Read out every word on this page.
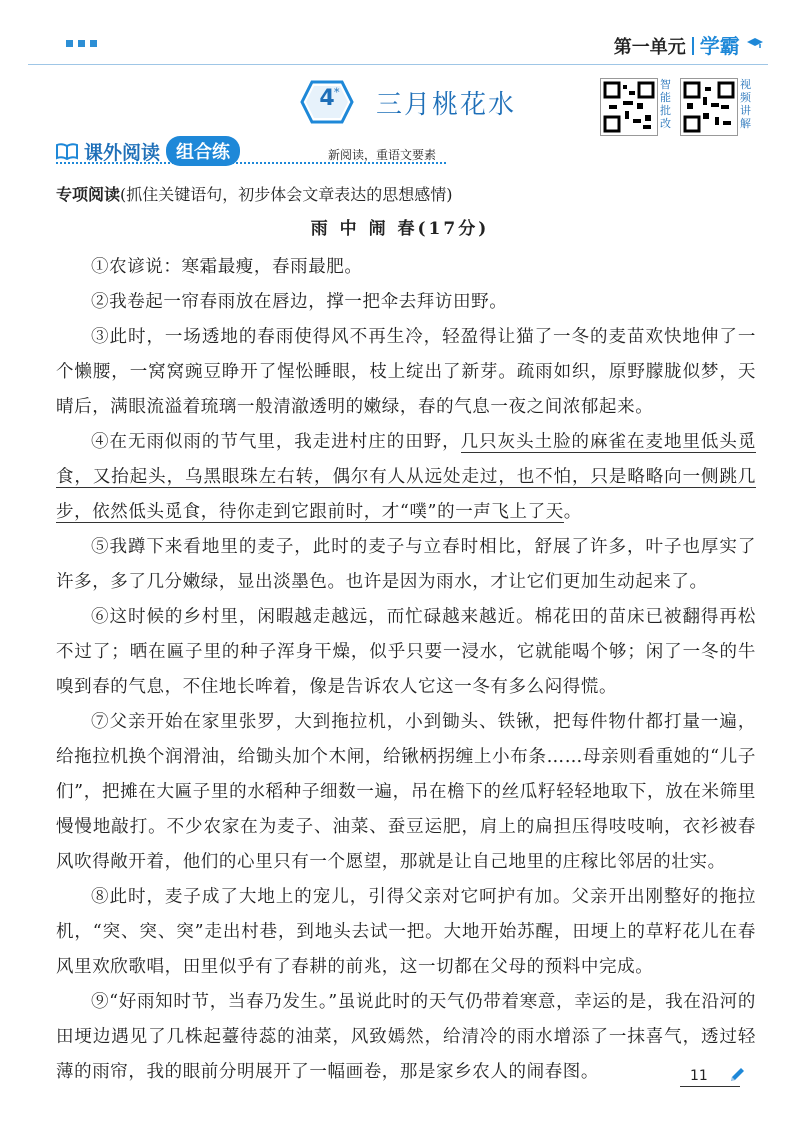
第一单元 学霸
4 * 三月桃花水
智能批改
视频讲解
课外阅读 组合练	新阅读，重语文要素
专项阅读(抓住关键语句，初步体会文章表达的思想感情)
雨 中 闹 春(17分)

①农谚说：寒霜最瘦，春雨最肥。

②我卷起一帘春雨放在唇边，撑一把伞去拜访田野。

③此时，一场透地的春雨使得风不再生冷，轻盈得让猫了一冬的麦苗欢快地伸了一个懒腰，一窝窝豌豆睁开了惺忪睡眼，枝上绽出了新芽。疏雨如织，原野朦胧似梦，天晴后，满眼流溢着琉璃一般清澈透明的嫩绿，春的气息一夜之间浓郁起来。

④在无雨似雨的节气里，我走进村庄的田野，几只灰头土脸的麻雀在麦地里低头觅食，又抬起头，乌黑眼珠左右转，偶尔有人从远处走过，也不怕，只是略略向一侧跳几步，依然低头觅食，待你走到它跟前时，才“噗”的一声飞上了天。

⑤我蹲下来看地里的麦子，此时的麦子与立春时相比，舒展了许多，叶子也厚实了许多，多了几分嫩绿，显出淡墨色。也许是因为雨水，才让它们更加生动起来了。

⑥这时候的乡村里，闲暇越走越远，而忙碌越来越近。棉花田的苗床已被翻得再松不过了；晒在匾子里的种子浑身干燥，似乎只要一浸水，它就能喝个够；闲了一冬的牛嗅到春的气息，不住地长哞着，像是告诉农人它这一冬有多么闷得慌。

⑦父亲开始在家里张罗，大到拖拉机，小到锄头、铁锹，把每件物什都打量一遍，给拖拉机换个润滑油，给锄头加个木闸，给锹柄拐缠上小布条……母亲则看重她的“儿子们”，把摊在大匾子里的水稻种子细数一遍，吊在檐下的丝瓜籽轻轻地取下，放在米筛里慢慢地敲打。不少农家在为麦子、油菜、蚕豆运肥，肩上的扁担压得吱吱响，衣衫被春风吹得敞开着，他们的心里只有一个愿望，那就是让自己地里的庄稼比邻居的壮实。

⑧此时，麦子成了大地上的宠儿，引得父亲对它呵护有加。父亲开出刚整好的拖拉机，“突、突、突”走出村巷，到地头去试一把。大地开始苏醒，田埂上的草籽花儿在春风里欢欣歌唱，田里似乎有了春耕的前兆，这一切都在父母的预料中完成。

⑨“好雨知时节，当春乃发生。”虽说此时的天气仍带着寒意，幸运的是，我在沿河的田埂边遇见了几株起薹待蕊的油菜，风致嫣然，给清冷的雨水增添了一抹喜气，透过轻薄的雨帘，我的眼前分明展开了一幅画卷，那是家乡农人的闹春图。	11
